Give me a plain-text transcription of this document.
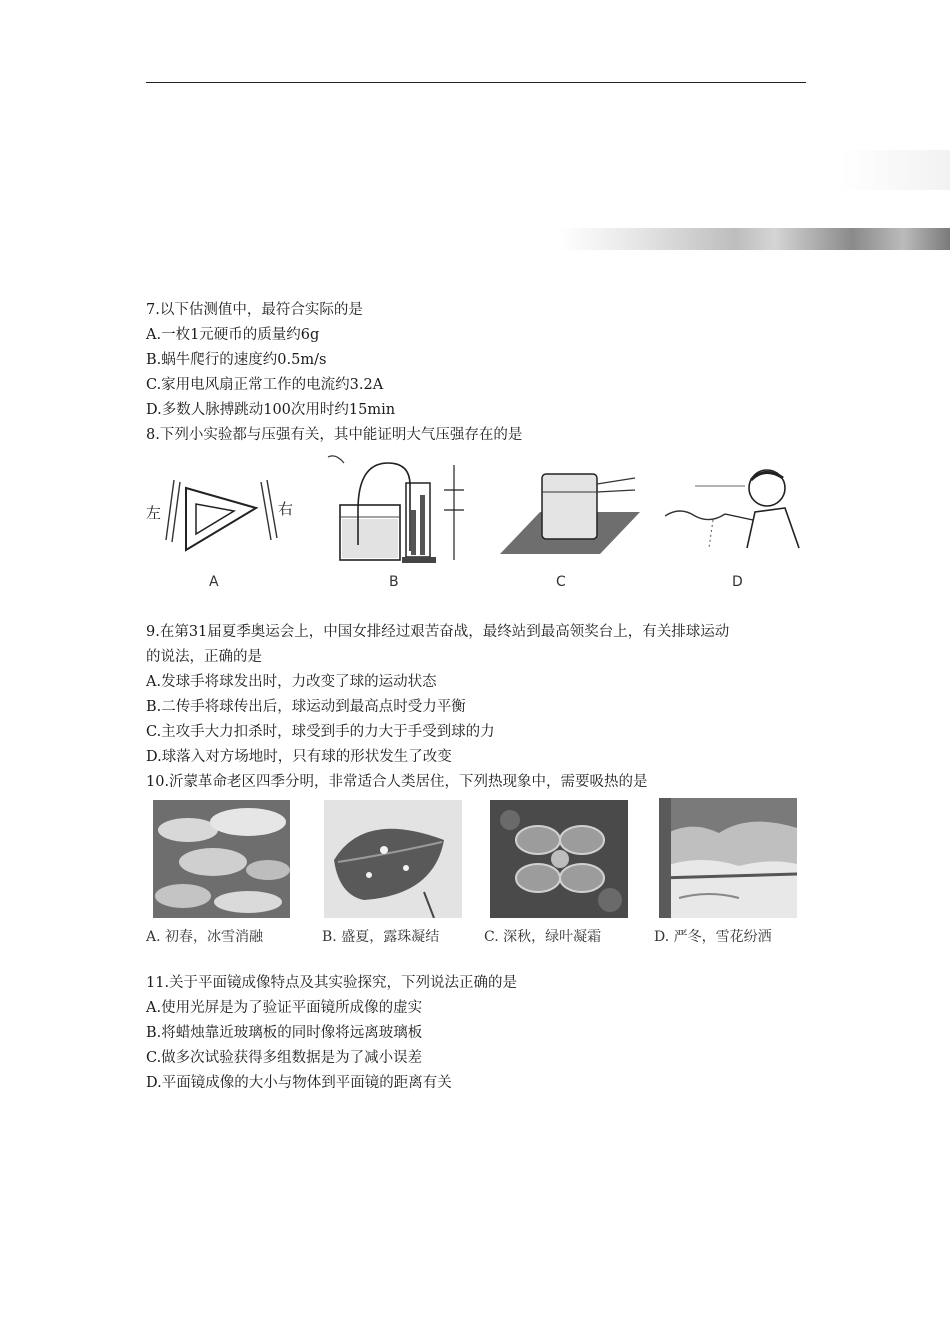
7.以下估测值中，最符合实际的是
A.一枚1元硬币的质量约6g
B.蜗牛爬行的速度约0.5m/s
C.家用电风扇正常工作的电流约3.2A
D.多数人脉搏跳动100次用时约15min
8.下列小实验都与压强有关，其中能证明大气压强存在的是
左	右
A	B	C	D
9.在第31届夏季奥运会上，中国女排经过艰苦奋战，最终站到最高领奖台上，有关排球运动
的说法，正确的是
A.发球手将球发出时，力改变了球的运动状态
B.二传手将球传出后，球运动到最高点时受力平衡
C.主攻手大力扣杀时，球受到手的力大于手受到球的力
D.球落入对方场地时，只有球的形状发生了改变
10.沂蒙革命老区四季分明，非常适合人类居住，下列热现象中，需要吸热的是
A. 初春，冰雪消融	B. 盛夏，露珠凝结	C. 深秋，绿叶凝霜	D. 严冬，雪花纷洒
11.关于平面镜成像特点及其实验探究，下列说法正确的是
A.使用光屏是为了验证平面镜所成像的虚实
B.将蜡烛靠近玻璃板的同时像将远离玻璃板
C.做多次试验获得多组数据是为了减小误差
D.平面镜成像的大小与物体到平面镜的距离有关
